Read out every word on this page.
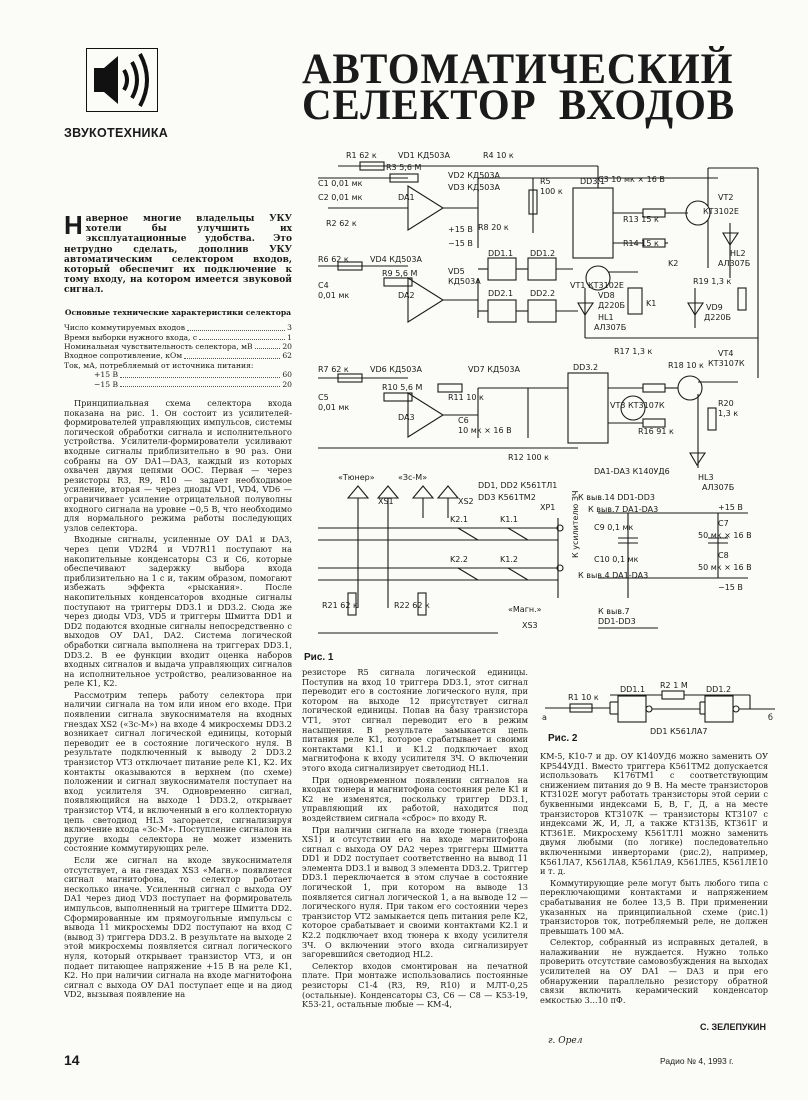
ЗВУКОТЕХНИКА
АВТОМАТИЧЕСКИЙ
СЕЛЕКТОР  ВХОДОВ

Наверное многие владельцы УКУ хотели бы улучшить их эксплуатационные удобства. Это нетрудно сделать, дополнив УКУ автоматическим селектором входов, который обеспечит их подключение к тому входу, на котором имеется звуковой сигнал.

Основные технические характеристики селектора
Число коммутируемых входов	3
Время выборки нужного входа, с	1
Номинальная чувствительность селектора, мВ	20
Входное сопротивление, кОм	62
Ток, мА, потребляемый от источника питания:
+15 В	60
−15 В	20

Принципиальная схема селектора входа показана на рис. 1. Он состоит из усилителей-формирователей управляющих импульсов, системы логической обработки сигнала и исполнительного устройства. Усилители-формирователи усиливают входные сигналы приблизительно в 90 раз. Они собраны на ОУ DA1—DA3, каждый из которых охвачен двумя цепями ООС. Первая — через резисторы R3, R9, R10 — задает необходимое усиление, вторая — через диоды VD1, VD4, VD6 — ограничивает усиление отрицательной полуволны входного сигнала на уровне −0,5 В, что необходимо для нормального режима работы последующих узлов селектора.

Входные сигналы, усиленные ОУ DA1 и DA3, через цепи VD2R4 и VD7R11 поступают на накопительные конденсаторы C3 и C6, которые обеспечивают задержку выбора входа приблизительно на 1 с и, таким образом, помогают избежать эффекта «рыскания». После накопительных конденсаторов входные сигналы поступают на триггеры DD3.1 и DD3.2. Сюда же через диоды VD3, VD5 и триггеры Шмитта DD1 и DD2 подаются входные сигналы непосредственно с выходов ОУ DA1, DA2. Система логической обработки сигнала выполнена на триггерах DD3.1, DD3.2. В ее функции входит оценка наборов входных сигналов и выдача управляющих сигналов на исполнительное устройство, реализованное на реле K1, K2.

Рассмотрим теперь работу селектора при наличии сигнала на том или ином его входе. При появлении сигнала звукоснимателя на входных гнездах XS2 («Зс-М») на входе 4 микросхемы DD3.2 возникает сигнал логической единицы, который переводит ее в состояние логического нуля. В результате подключенный к выводу 2 DD3.2 транзистор VT3 отключает питание реле K1, K2. Их контакты оказываются в верхнем (по схеме) положении и сигнал звукоснимателя поступает на вход усилителя ЗЧ. Одновременно сигнал, появляющийся на выходе 1 DD3.2, открывает транзистор VT4, и включенный в его коллекторную цепь светодиод HL3 загорается, сигнализируя включение входа «Зс-М». Поступление сигналов на другие входы селектора не может изменить состояние коммутирующих реле.

Если же сигнал на входе звукоснимателя отсутствует, а на гнездах XS3 «Магн.» появляется сигнал магнитофона, то селектор работает несколько иначе. Усиленный сигнал с выхода ОУ DA1 через диод VD3 поступает на формирователь импульсов, выполненный на триггере Шмитта DD2. Сформированные им прямоугольные импульсы с вывода 11 микросхемы DD2 поступают на вход С (вывод 3) триггера DD3.2. В результате на выходе 2 этой микросхемы появляется сигнал логического нуля, который открывает транзистор VT3, и он подает питающее напряжение +15 В на реле K1, K2. Но при наличии сигнала на входе магнитофона сигнал с выхода ОУ DA1 поступает еще и на диод VD2, вызывая появление на

R1 62 к	VD1 КД503А	R4 10 к
C1 0,01 мк
R3 5,6 М
VD2 КД503А
C2 0,01 мк	DA1
VD3 КД503А
R5
100 к
C3 10 мк × 16 В
VT2
КТ3102Е
R2 62 к	R8 20 к
R13 15 к
R14 15 к
+15 В
−15 В
R6 62 к	VD4 КД503А
DD1.1 DD1.2
C4
0,01 мк
R9 5,6 М	VD5
КД503А
DA2	DD2.1 DD2.2
VT1 КТ3102Е
HL2
АЛ307Б
K2
R19 1,3 к
VD8
Д220Б
HL1
АЛ307Б
K1	VD9
Д220Б
R17 1,3 к
R18 10 к
VT4
КТ3107К
R7 62 к	VD6 КД503А	VD7 КД503А	DD3.2
C5
0,01 мк
R10 5,6 М
R11 10 к
VT3 КТ3107К	R20
1,3 к
DA3	C6
10 мк × 16 В	R16 91 к
R12 100 к
HL3
АЛ307Б
DA1-DA3 К140УД6
«Тюнер»	«Зс-М»
XS1	XS2
DD1, DD2 К561ТЛ1
DD3 К561ТМ2	К выв.14 DD1-DD3
К выв.7 DA1-DA3	+15 В
C9 0,1 мк	C7
50 мк × 16 В
K2.1	K1.1
XP1 К усилителю ЗЧ
C10 0,1 мк	C8
50 мк × 16 В
К выв.4 DA1-DA3
−15 В
K2.2	K1.2
R21 62 к	R22 62 к
К выв.7
DD1-DD3
«Магн.»
XS3
DD3.1
Рис. 1

резисторе R5 сигнала логической единицы. Поступив на вход 10 триггера DD3.1, этот сигнал переводит его в состояние логического нуля, при котором на выходе 12 присутствует сигнал логической единицы. Попав на базу транзистора VT1, этот сигнал переводит его в режим насыщения. В результате замыкается цепь питания реле K1, которое срабатывает и своими контактами K1.1 и K1.2 подключает вход магнитофона к входу усилителя ЗЧ. О включении этого входа сигнализирует светодиод HL1.

При одновременном появлении сигналов на входах тюнера и магнитофона состояния реле K1 и K2 не изменятся, поскольку триггер DD3.1, управляющий их работой, находится под воздействием сигнала «сброс» по входу R.

При наличии сигнала на входе тюнера (гнезда XS1) и отсутствии его на входе магнитофона сигнал с выхода ОУ DA2 через триггеры Шмитта DD1 и DD2 поступает соответственно на вывод 11 элемента DD3.1 и вывод 3 элемента DD3.2. Триггер DD3.1 переключается в этом случае в состояние логической 1, при котором на выводе 13 появляется сигнал логической 1, а на выводе 12 — логического нуля. При таком его состоянии через транзистор VT2 замыкается цепь питания реле K2, которое срабатывает и своими контактами K2.1 и K2.2 подключает вход тюнера к входу усилителя ЗЧ. О включении этого входа сигнализирует загоревшийся светодиод HL2.

Селектор входов смонтирован на печатной плате. При монтаже использовались постоянные резисторы C1-4 (R3, R9, R10) и МЛТ-0,25 (остальные). Конденсаторы C3, C6 — C8 — K53-19, K53-21, остальные любые — KM-4,

R1 10 к
DD1.1 R2 1 М DD1.2
DD1 К561ЛА7
а	б
Рис. 2

KM-5, K10-7 и др. ОУ К140УД6 можно заменить ОУ КР544УД1. Вместо триггера К561ТМ2 допускается использовать К176ТМ1 с соответствующим снижением питания до 9 В. На месте транзисторов КТ3102Е могут работать транзисторы этой серии с буквенными индексами Б, В, Г, Д, а на месте транзисторов КТ3107К — транзисторы КТ3107 с индексами Ж, И, Л, а также КТ313Б, КТ361Г и КТ361Е. Микросхему К561ТЛ1 можно заменить двумя любыми (по логике) последовательно включенными инверторами (рис.2), например, К561ЛА7, К561ЛА8, К561ЛА9, К561ЛЕ5, К561ЛЕ10 и т. д.

Коммутирующие реле могут быть любого типа с переключающими контактами и напряжением срабатывания не более 13,5 В. При применении указанных на принципиальной схеме (рис.1) транзисторов ток, потребляемый реле, не должен превышать 100 мА.

Селектор, собранный из исправных деталей, в налаживании не нуждается. Нужно только проверить отсутствие самовозбуждения на выходах усилителей на ОУ DA1 — DA3 и при его обнаружении параллельно резистору обратной связи включить керамический конденсатор емкостью 3...10 пФ.

С. ЗЕЛЕПУКИН
г. Орел
14	Радио № 4, 1993 г.
